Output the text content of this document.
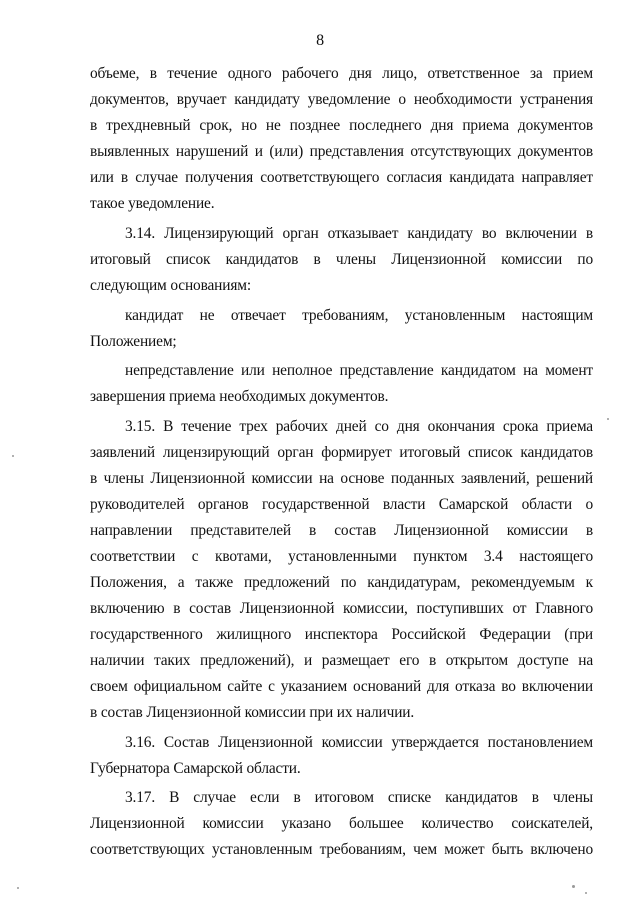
8
объеме, в течение одного рабочего дня лицо, ответственное за прием
документов, вручает кандидату уведомление о необходимости устранения
в трехдневный срок, но не позднее последнего дня приема документов
выявленных нарушений и (или) представления отсутствующих документов
или в случае получения соответствующего согласия кандидата направляет
такое уведомление.
3.14. Лицензирующий орган отказывает кандидату во включении в
итоговый список кандидатов в члены Лицензионной комиссии по
следующим основаниям:
кандидат не отвечает требованиям, установленным настоящим
Положением;
непредставление или неполное представление кандидатом на момент
завершения приема необходимых документов.
3.15. В течение трех рабочих дней со дня окончания срока приема
заявлений лицензирующий орган формирует итоговый список кандидатов
в члены Лицензионной комиссии на основе поданных заявлений, решений
руководителей органов государственной власти Самарской области о
направлении представителей в состав Лицензионной комиссии в
соответствии с квотами, установленными пунктом 3.4 настоящего
Положения, а также предложений по кандидатурам, рекомендуемым к
включению в состав Лицензионной комиссии, поступивших от Главного
государственного жилищного инспектора Российской Федерации (при
наличии таких предложений), и размещает его в открытом доступе на
своем официальном сайте с указанием оснований для отказа во включении
в состав Лицензионной комиссии при их наличии.
3.16. Состав Лицензионной комиссии утверждается постановлением
Губернатора Самарской области.
3.17. В случае если в итоговом списке кандидатов в члены
Лицензионной комиссии указано большее количество соискателей,
соответствующих установленным требованиям, чем может быть включено
